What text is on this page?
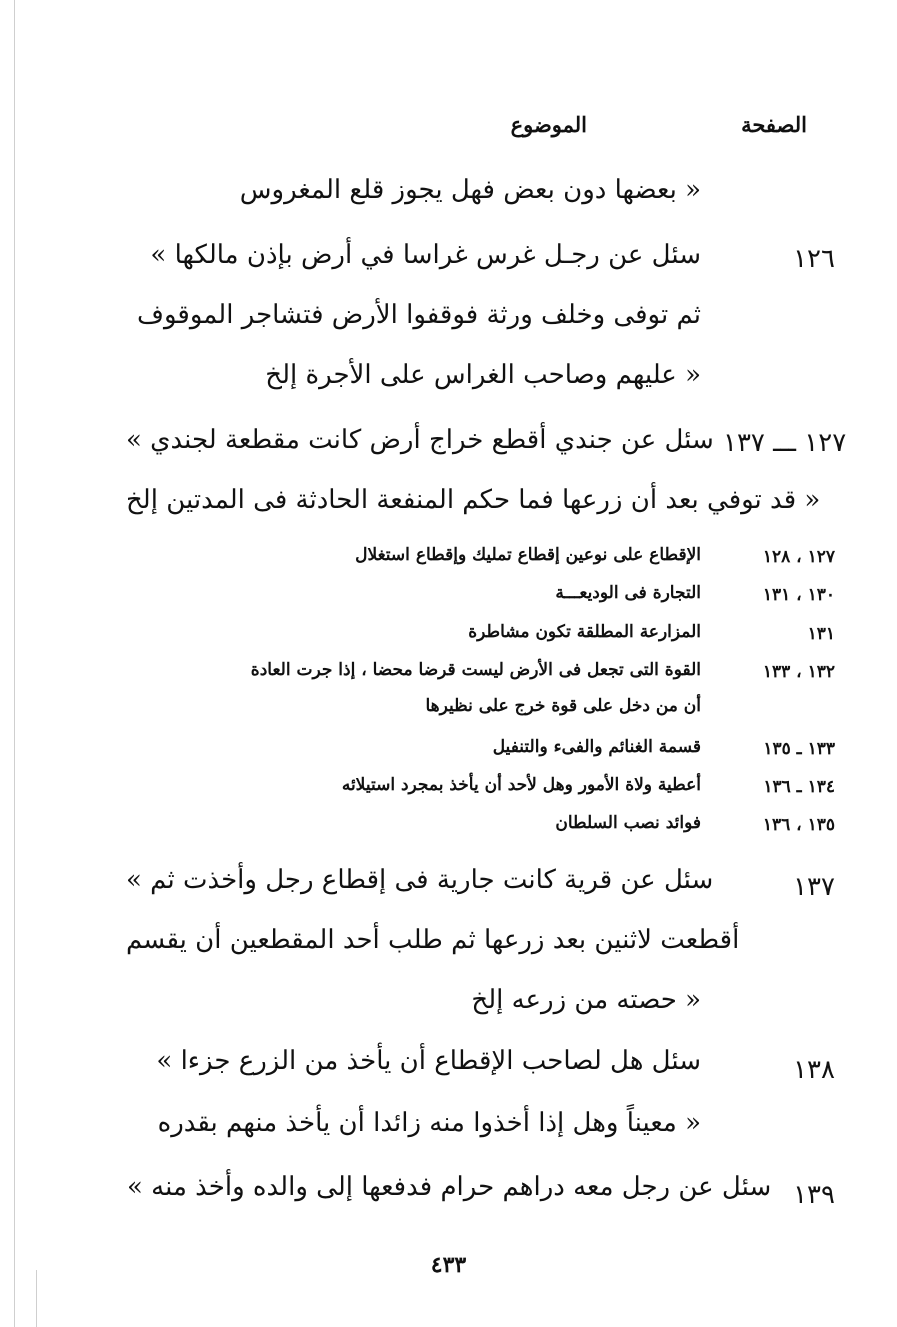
الصفحة
الموضوع
بعضها دون بعض فهل يجوز قلع المغروس »
١٢٦
« سئل عن رجـل غرس غراسا في أرض بإذن مالكها
ثم توفى وخلف ورثة فوقفوا الأرض فتشاجر الموقوف
عليهم وصاحب الغراس على الأجرة إلخ »
١٢٧ ـــ ١٣٧
« سئل عن جندي أقطع خراج أرض كانت مقطعة لجندي
قد توفي بعد أن زرعها فما حكم المنفعة الحادثة فى المدتين إلخ »
١٢٧ ، ١٢٨
الإقطاع على نوعين إقطاع تمليك وإقطاع استغلال
١٣٠ ، ١٣١
التجارة فى الوديعـــة
١٣١
المزارعة المطلقة تكون مشاطرة
١٣٢ ، ١٣٣
القوة التى تجعل فى الأرض ليست قرضا محضا ، إذا جرت العادة
أن من دخل على قوة خرج على نظيرها
١٣٣ ـ ١٣٥
قسمة الغنائم والفىء والتنفيل
١٣٤ ـ ١٣٦
أعطية ولاة الأمور وهل لأحد أن يأخذ بمجرد استيلائه
١٣٥ ، ١٣٦
فوائد نصب السلطان
١٣٧
« سئل عن قرية كانت جارية فى إقطاع رجل وأخذت ثم
أقطعت لاثنين بعد زرعها ثم طلب أحد المقطعين أن يقسم
حصته من زرعه إلخ »
١٣٨
« سئل هل لصاحب الإقطاع أن يأخذ من الزرع جزءا
معيناً وهل إذا أخذوا منه زائدا أن يأخذ منهم بقدره »
١٣٩
« سئل عن رجل معه دراهم حرام فدفعها إلى والده وأخذ منه
٤٣٣
